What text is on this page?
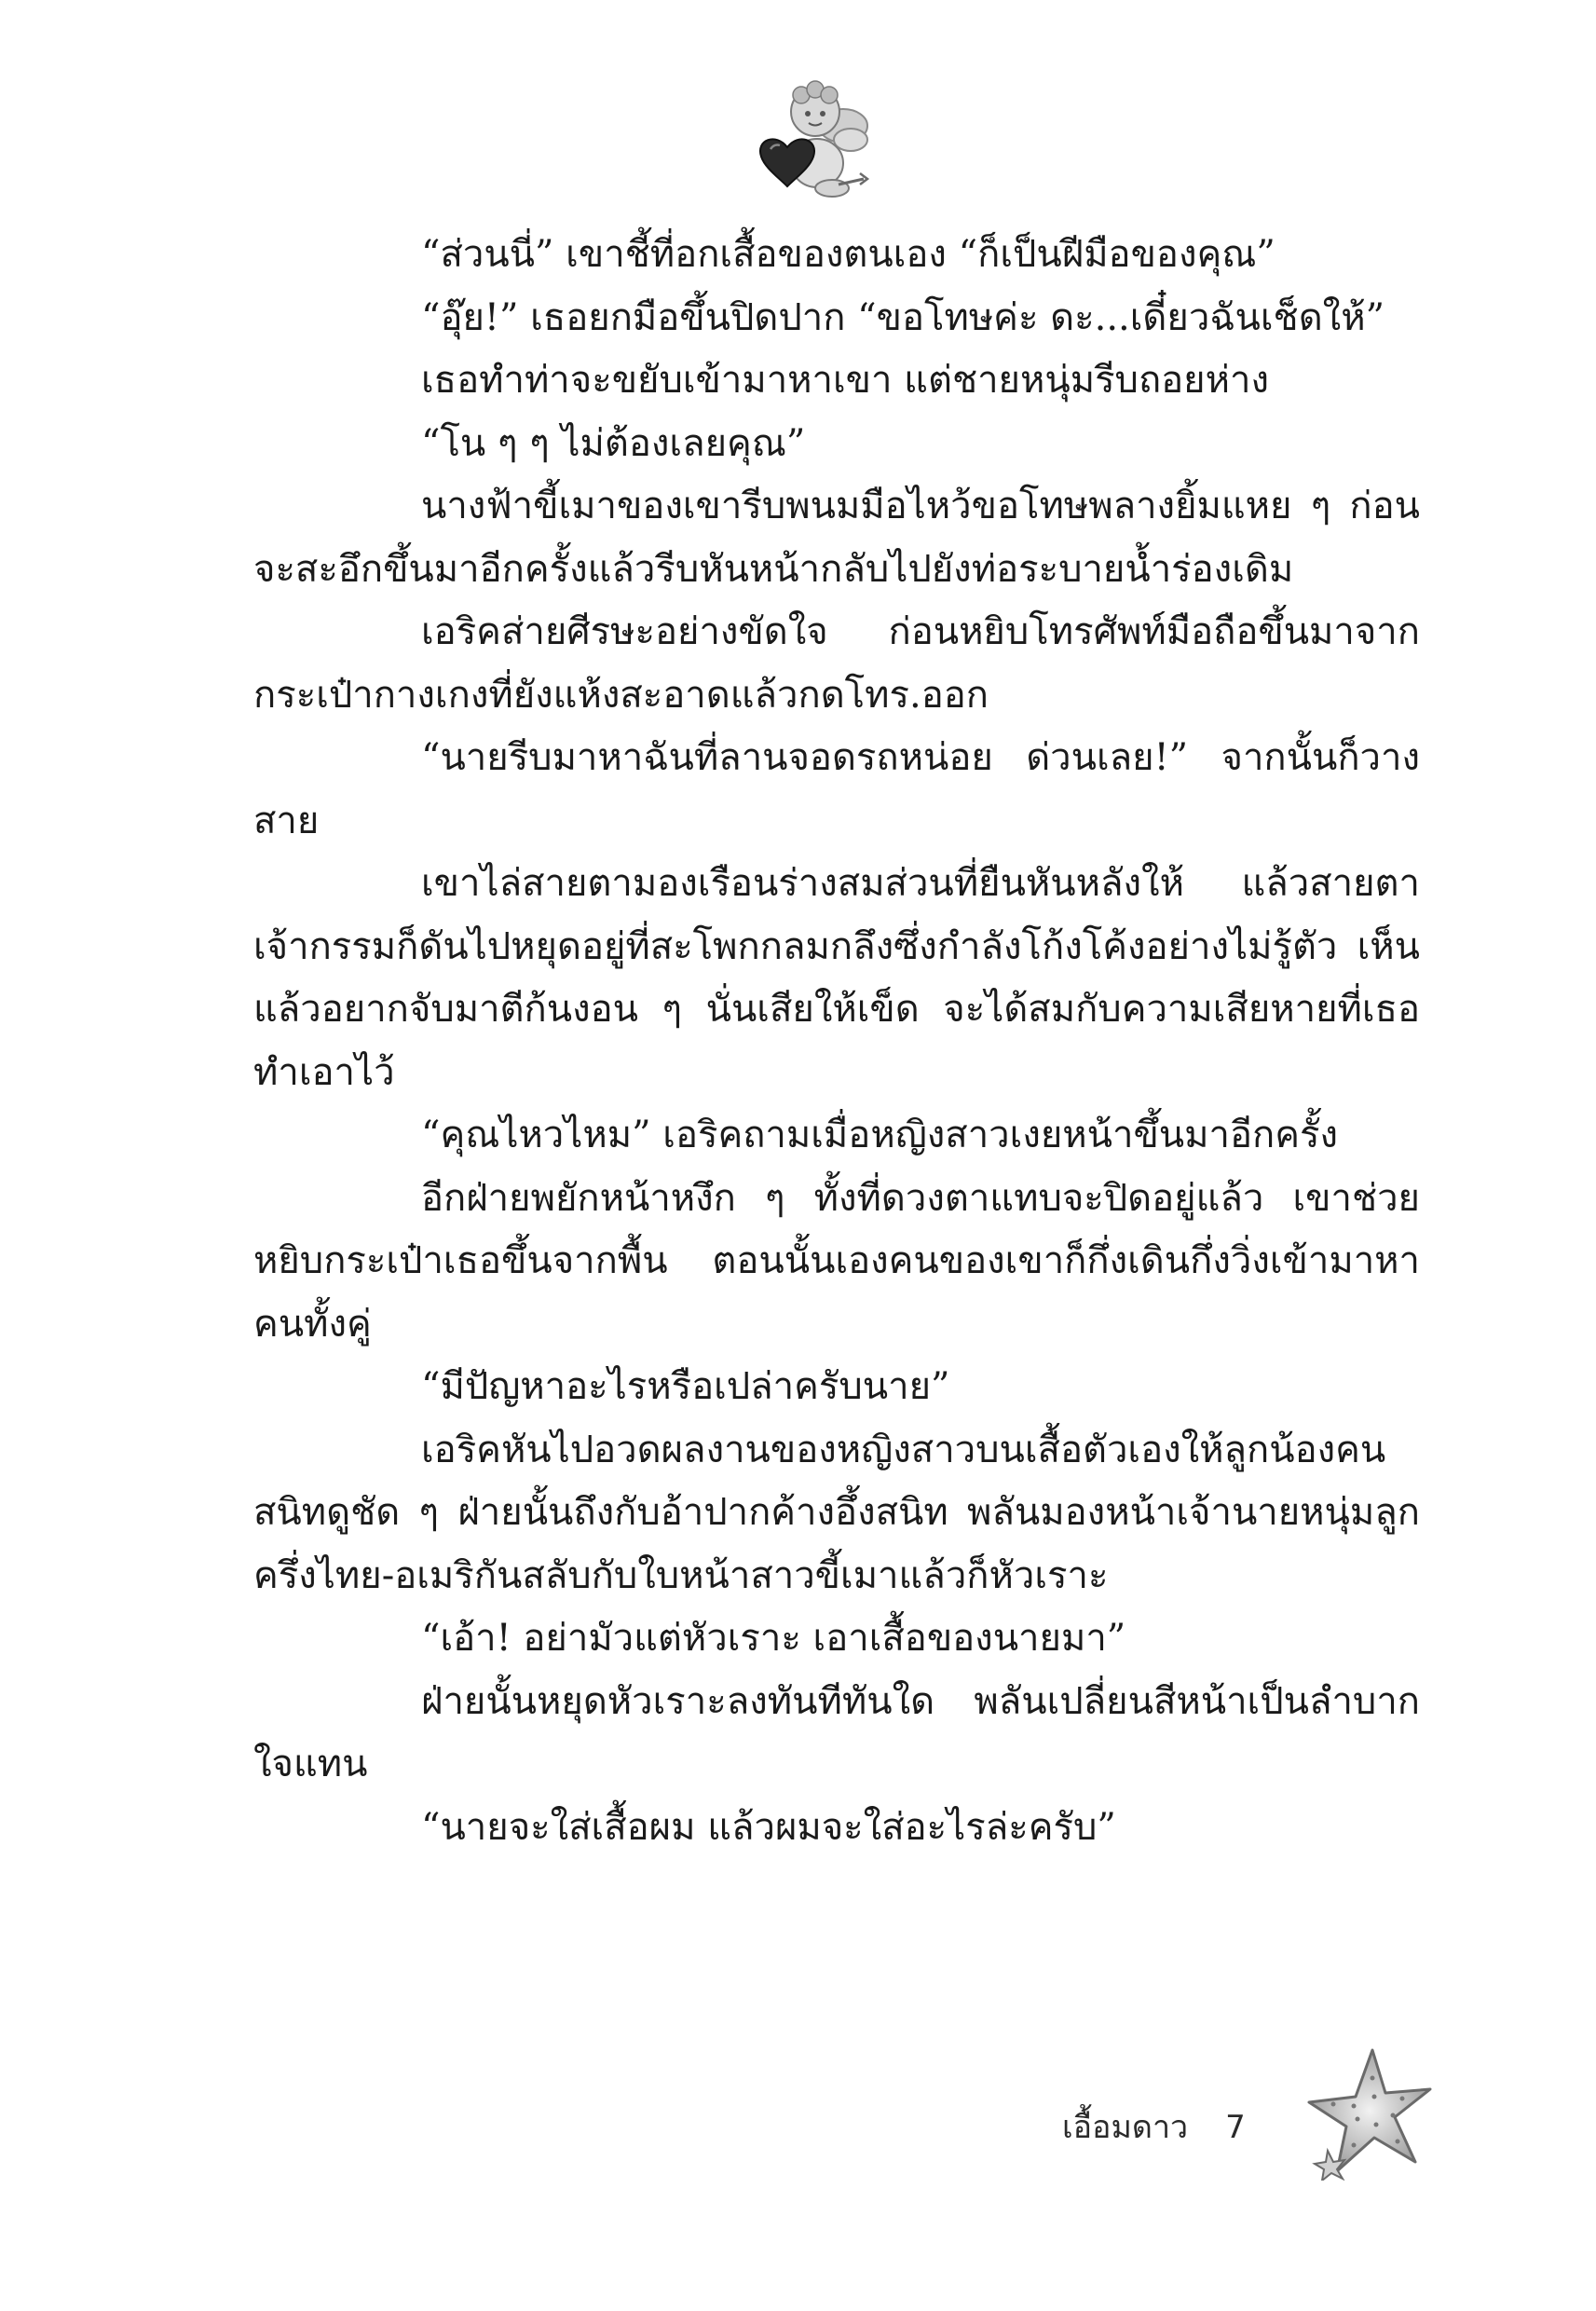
“ส่วนนี่” เขาชี้ที่อกเสื้อของตนเอง “ก็เป็นฝีมือของคุณ”

“อุ๊ย!” เธอยกมือขึ้นปิดปาก “ขอโทษค่ะ ดะ...เดี๋ยวฉันเช็ดให้”

เธอทำท่าจะขยับเข้ามาหาเขา แต่ชายหนุ่มรีบถอยห่าง

“โน ๆ ๆ ไม่ต้องเลยคุณ”

นางฟ้าขี้เมาของเขารีบพนมมือไหว้ขอโทษพลางยิ้มแหย ๆ ก่อนจะสะอึกขึ้นมาอีกครั้งแล้วรีบหันหน้ากลับไปยังท่อระบายน้ำร่องเดิม

เอริคส่ายศีรษะอย่างขัดใจ ก่อนหยิบโทรศัพท์มือถือขึ้นมาจากกระเป๋ากางเกงที่ยังแห้งสะอาดแล้วกดโทร.ออก

“นายรีบมาหาฉันที่ลานจอดรถหน่อย ด่วนเลย!” จากนั้นก็วางสาย

เขาไล่สายตามองเรือนร่างสมส่วนที่ยืนหันหลังให้ แล้วสายตาเจ้ากรรมก็ดันไปหยุดอยู่ที่สะโพกกลมกลึงซึ่งกำลังโก้งโค้งอย่างไม่รู้ตัว เห็นแล้วอยากจับมาตีก้นงอน ๆ นั่นเสียให้เข็ด จะได้สมกับความเสียหายที่เธอทำเอาไว้

“คุณไหวไหม” เอริคถามเมื่อหญิงสาวเงยหน้าขึ้นมาอีกครั้ง

อีกฝ่ายพยักหน้าหงึก ๆ ทั้งที่ดวงตาแทบจะปิดอยู่แล้ว เขาช่วยหยิบกระเป๋าเธอขึ้นจากพื้น ตอนนั้นเองคนของเขาก็กึ่งเดินกึ่งวิ่งเข้ามาหาคนทั้งคู่

“มีปัญหาอะไรหรือเปล่าครับนาย”

เอริคหันไปอวดผลงานของหญิงสาวบนเสื้อตัวเองให้ลูกน้องคนสนิทดูชัด ๆ ฝ่ายนั้นถึงกับอ้าปากค้างอึ้งสนิท พลันมองหน้าเจ้านายหนุ่มลูกครึ่งไทย-อเมริกันสลับกับใบหน้าสาวขี้เมาแล้วก็หัวเราะ

“เอ้า! อย่ามัวแต่หัวเราะ เอาเสื้อของนายมา”

ฝ่ายนั้นหยุดหัวเราะลงทันทีทันใด พลันเปลี่ยนสีหน้าเป็นลำบากใจแทน

“นายจะใส่เสื้อผม แล้วผมจะใส่อะไรล่ะครับ”

เอื้อมดาว 7
